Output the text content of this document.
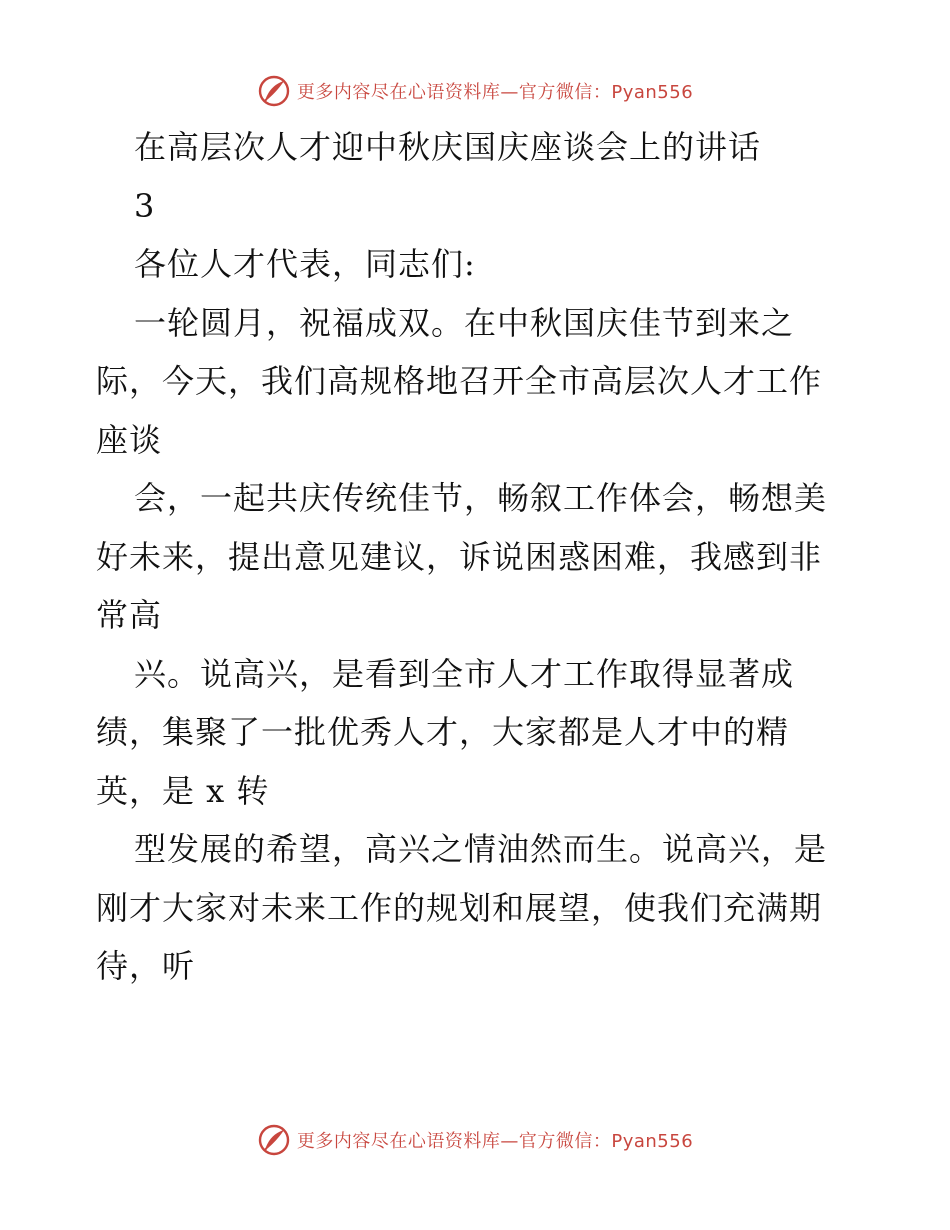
更多内容尽在心语资料库—官方微信：Pyan556
在高层次人才迎中秋庆国庆座谈会上的讲话
3
各位人才代表，同志们:
一轮圆月，祝福成双。在中秋国庆佳节到来之
际，今天，我们高规格地召开全市高层次人才工作
座谈
会，一起共庆传统佳节，畅叙工作体会，畅想美
好未来，提出意见建议，诉说困惑困难，我感到非
常高
兴。说高兴，是看到全市人才工作取得显著成
绩，集聚了一批优秀人才，大家都是人才中的精
英，是 x 转
型发展的希望，高兴之情油然而生。说高兴，是
刚才大家对未来工作的规划和展望，使我们充满期
待，听
更多内容尽在心语资料库—官方微信：Pyan556
